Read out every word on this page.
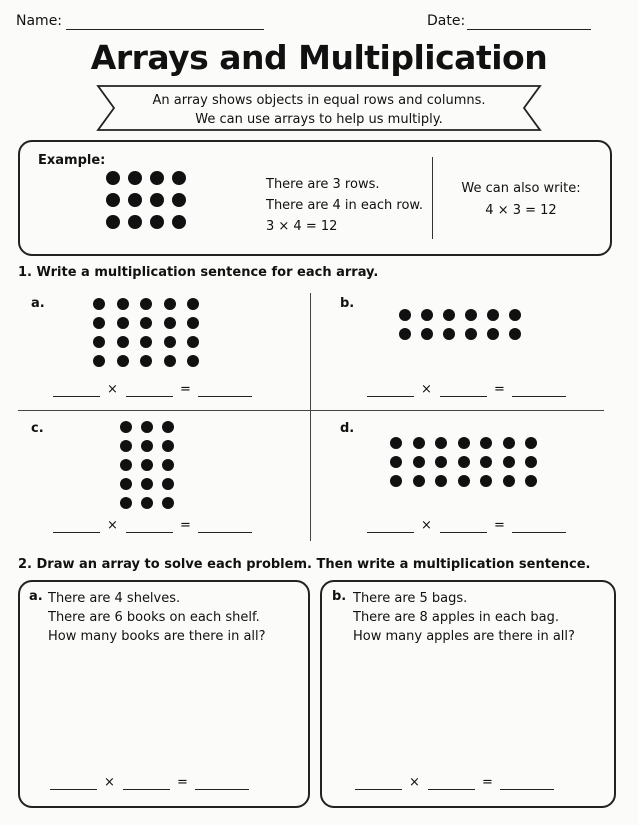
Name:	Date:
Arrays and Multiplication
An array shows objects in equal rows and columns.
We can use arrays to help us multiply.
Example:
There are 3 rows.
There are 4 in each row.
3 × 4 = 12
We can also write:
4 × 3 = 12
1. Write a multiplication sentence for each array.
a.	b.
c.	d.
×	=	×	=
×	=	×	=
2. Draw an array to solve each problem. Then write a multiplication sentence.
a. There are 4 shelves.
There are 6 books on each shelf.
How many books are there in all?
b. There are 5 bags.
There are 8 apples in each bag.
How many apples are there in all?
×	=	×	=
